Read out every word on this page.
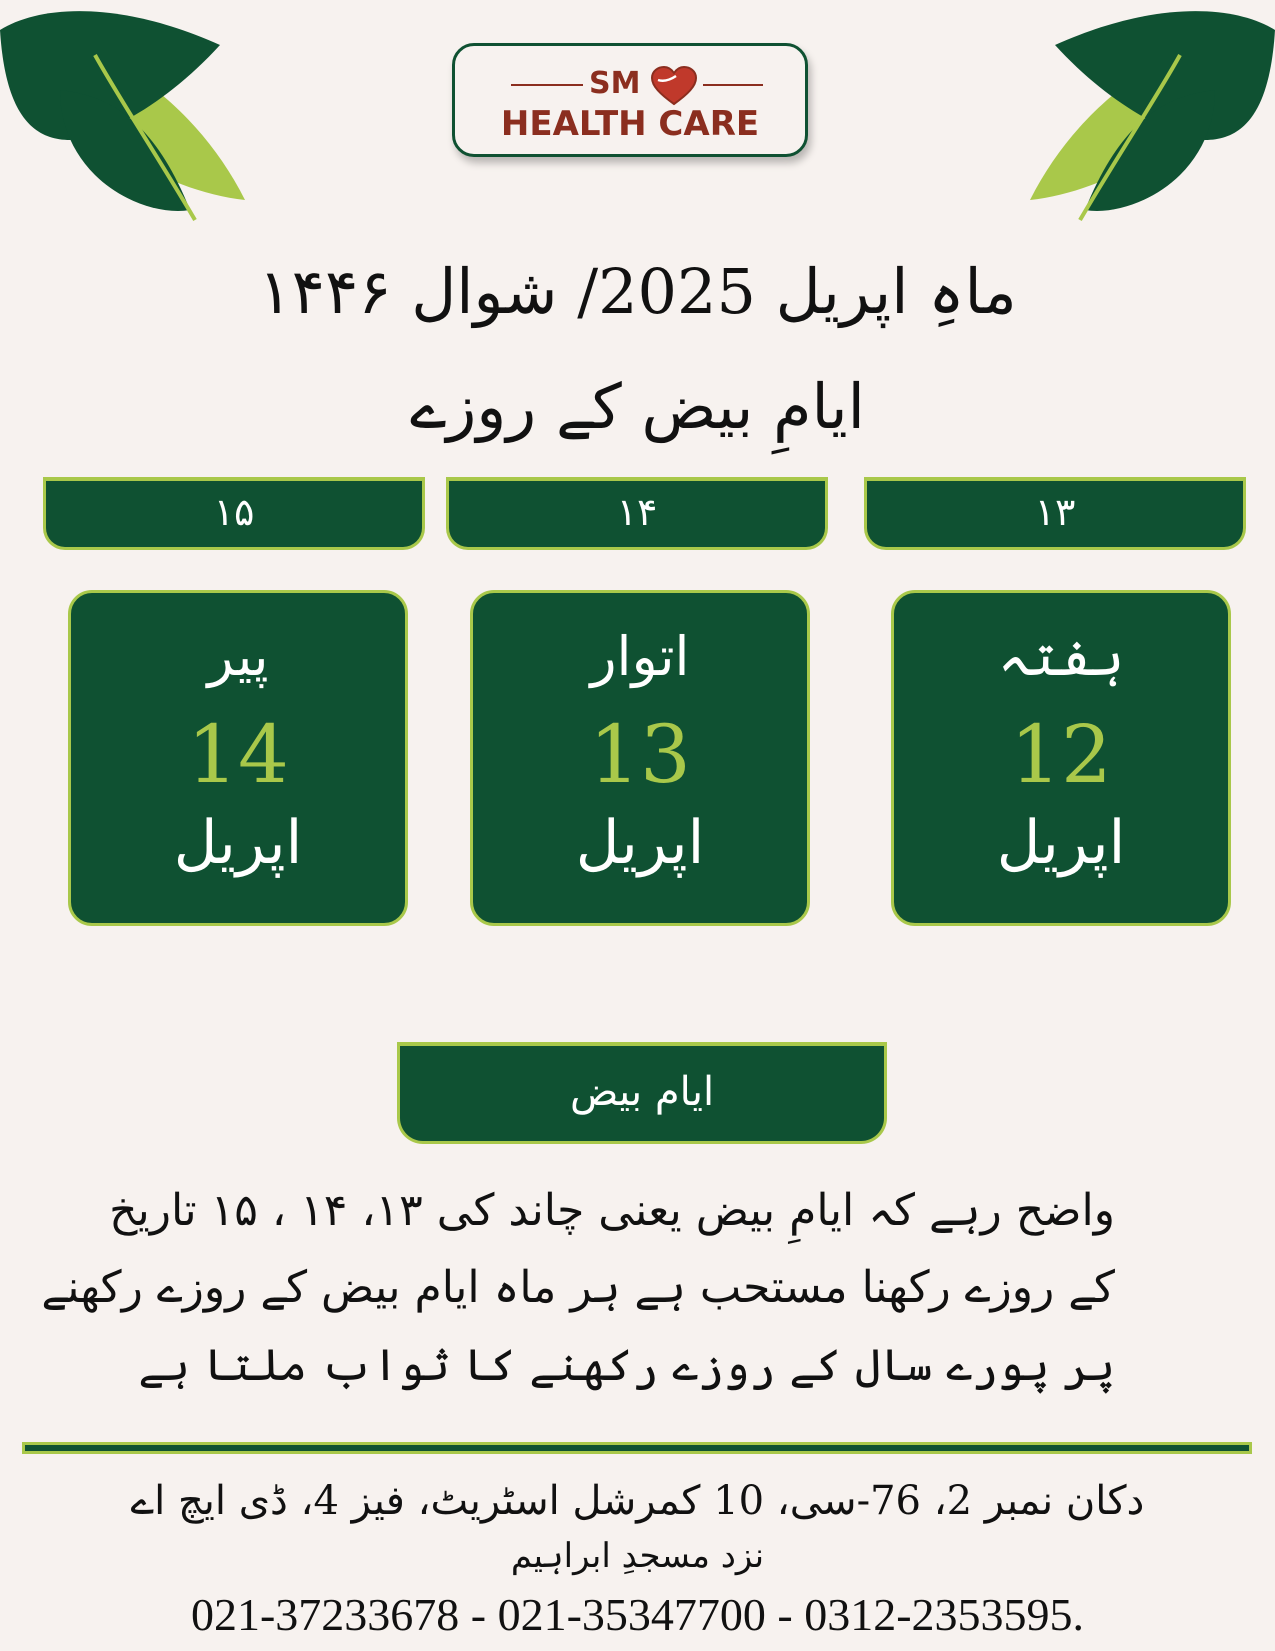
SM
HEALTH CARE
ماہِ اپریل 2025/ شوال ۱۴۴۶
ایامِ بیض کے روزے
۱۵	۱۴	۱۳
پیر
14
اپریل
اتوار
13
اپریل
ہفتہ
12
اپریل
ایام بیض
واضح رہے کہ ایامِ بیض یعنی چاند کی ۱۳، ۱۴ ، ۱۵ تاریخ
کے روزے رکھنا مستحب ہے ہر ماہ ایام بیض کے روزے رکھنے
پر پورے سال کے روزے رکھنے کا ثواب ملتا ہے
دکان نمبر 2، 76-سی، 10 کمرشل اسٹریٹ، فیز 4، ڈی ایچ اے
نزد مسجدِ ابراہیم
021-37233678 - 021-35347700 - 0312-2353595.
